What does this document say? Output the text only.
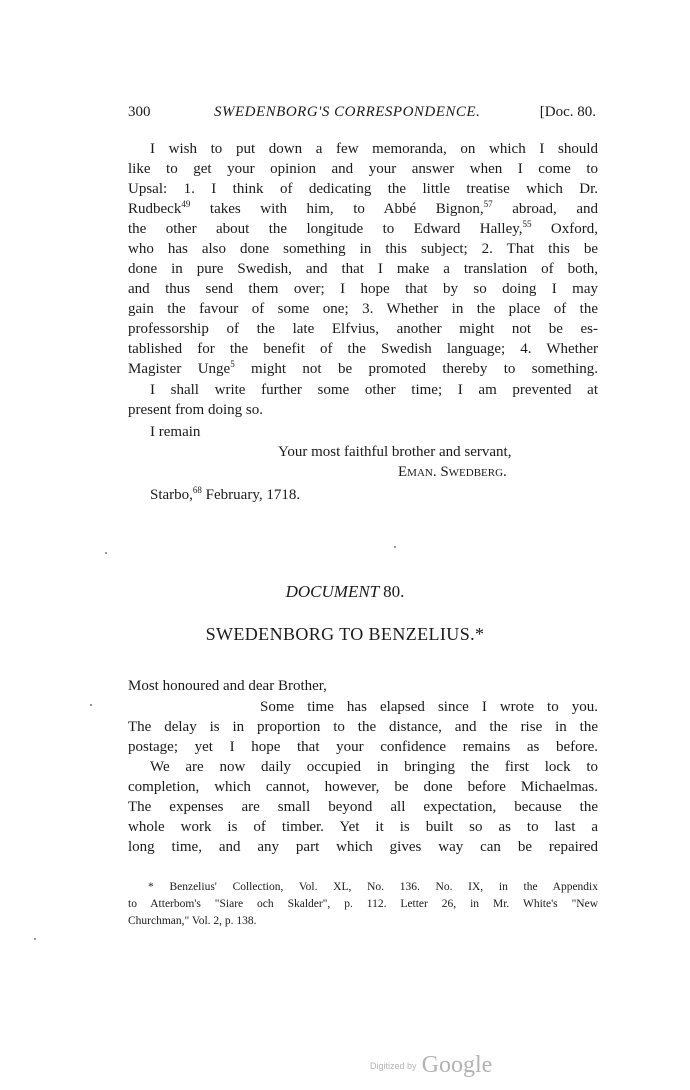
300	SWEDENBORG'S CORRESPONDENCE.	[Doc. 80.
I wish to put down a few memoranda, on which I should
like to get your opinion and your answer when I come to
Upsal: 1. I think of dedicating the little treatise which Dr.
Rudbeck$^{49}$ takes with him, to Abbé Bignon,$^{57}$ abroad, and
the other about the longitude to Edward Halley,$^{55}$ Oxford,
who has also done something in this subject; 2. That this be
done in pure Swedish, and that I make a translation of both,
and thus send them over; I hope that by so doing I may
gain the favour of some one; 3. Whether in the place of the
professorship of the late Elfvius, another might not be es-
tablished for the benefit of the Swedish language; 4. Whether
Magister Unge$^5$ might not be promoted thereby to something.
I shall write further some other time; I am prevented at
present from doing so.
I remain
Your most faithful brother and servant,
Eman. Swedberg.
Starbo,$^{68}$ February, 1718.
DOCUMENT 80.
SWEDENBORG TO BENZELIUS.*
Most honoured and dear Brother,
Some time has elapsed since I wrote to you.
The delay is in proportion to the distance, and the rise in the
postage; yet I hope that your confidence remains as before.
We are now daily occupied in bringing the first lock to
completion, which cannot, however, be done before Michaelmas.
The expenses are small beyond all expectation, because the
whole work is of timber. Yet it is built so as to last a
long time, and any part which gives way can be repaired
* Benzelius' Collection, Vol. XL, No. 136. No. IX, in the Appendix
to Atterbom's "Siare och Skalder", p. 112. Letter 26, in Mr. White's "New
Churchman," Vol. 2, p. 138.
Digitized by Google
